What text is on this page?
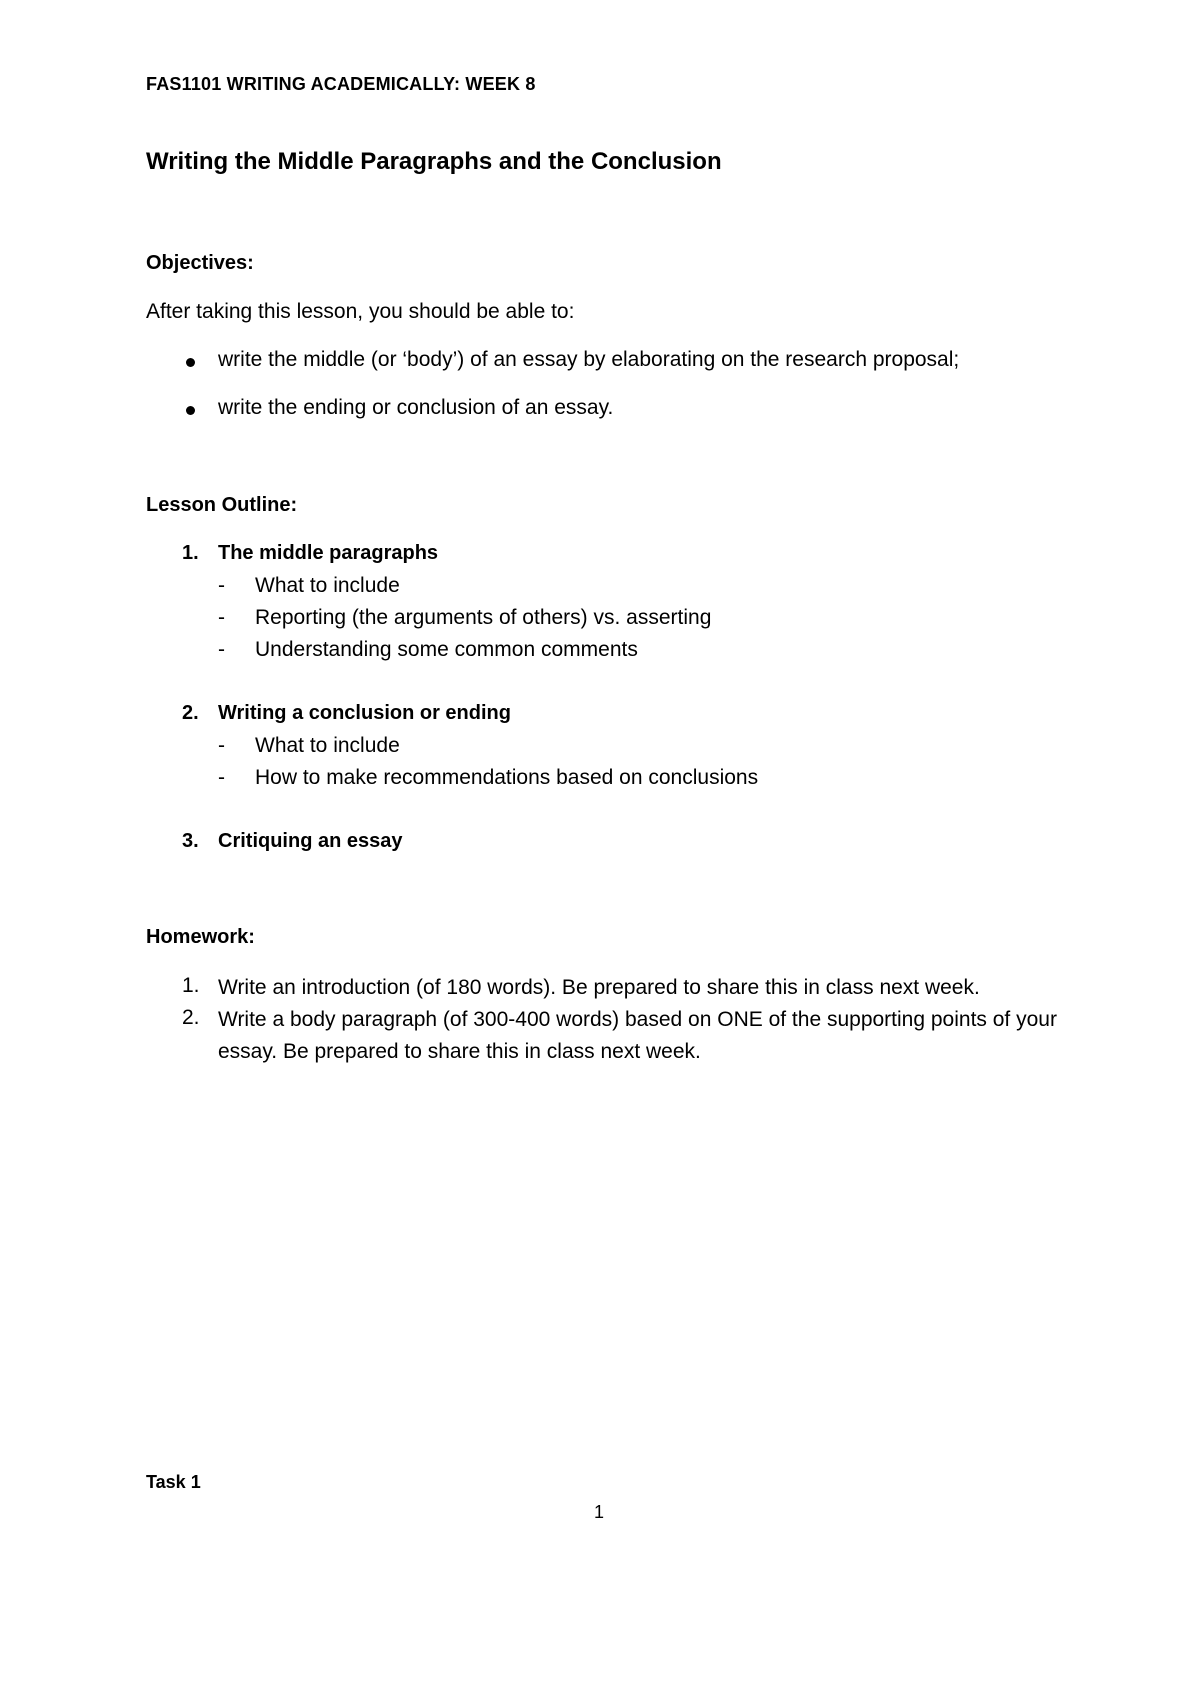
FAS1101 WRITING ACADEMICALLY: WEEK 8
Writing the Middle Paragraphs and the Conclusion
Objectives:
After taking this lesson, you should be able to:
write the middle (or ‘body’) of an essay by elaborating on the research proposal;
write the ending or conclusion of an essay.
Lesson Outline:
1. The middle paragraphs
- What to include
- Reporting (the arguments of others) vs. asserting
- Understanding some common comments
2. Writing a conclusion or ending
- What to include
- How to make recommendations based on conclusions
3. Critiquing an essay
Homework:
1. Write an introduction (of 180 words). Be prepared to share this in class next week.
2. Write a body paragraph (of 300-400 words) based on ONE of the supporting points of your essay. Be prepared to share this in class next week.
Task 1
1
